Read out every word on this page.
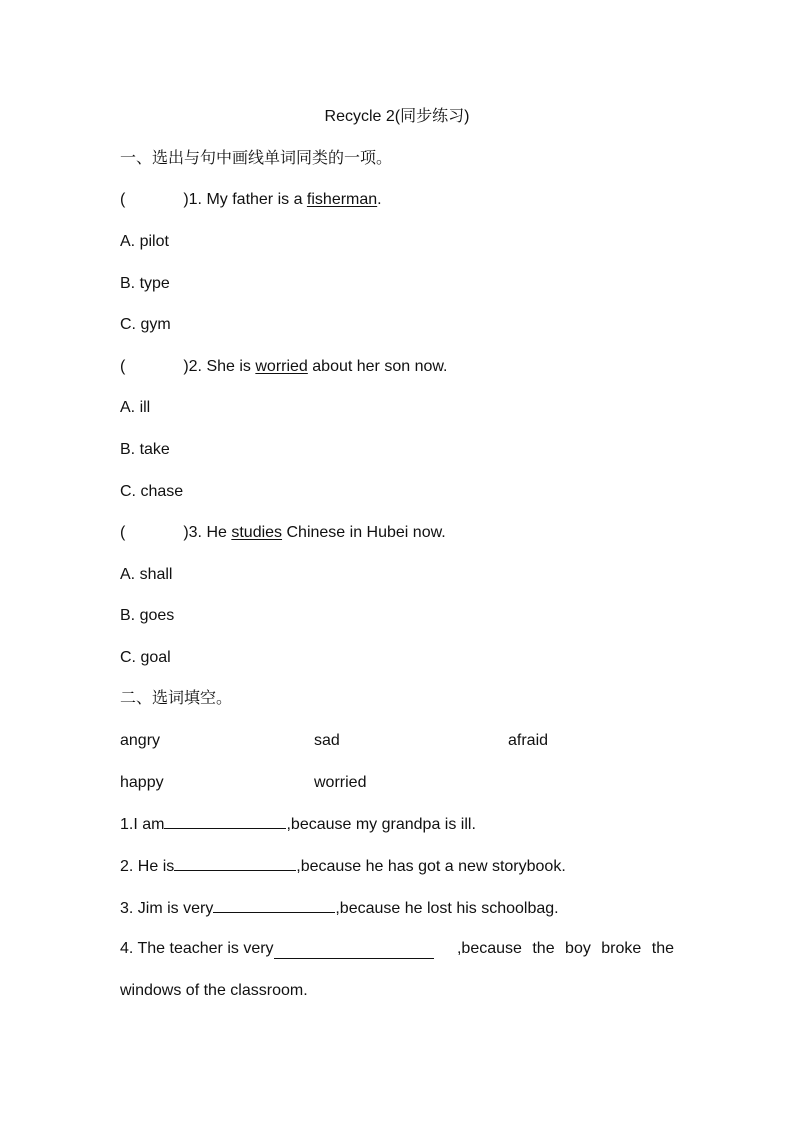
Recycle 2(同步练习)
一、选出与句中画线单词同类的一项。
(	)1. My father is a fisherman.
A. pilot
B. type
C. gym
(	)2. She is worried about her son now.
A. ill
B. take
C. chase
(	)3. He studies Chinese in Hubei now.
A. shall
B. goes
C. goal
二、选词填空。
angry	sad	afraid
happy	worried
1.I am	,because my grandpa is ill.
2. He is	,because he has got a new storybook.
3. Jim is very	,because he lost his schoolbag.
4. The teacher is very	,because the boy broke the
windows of the classroom.
